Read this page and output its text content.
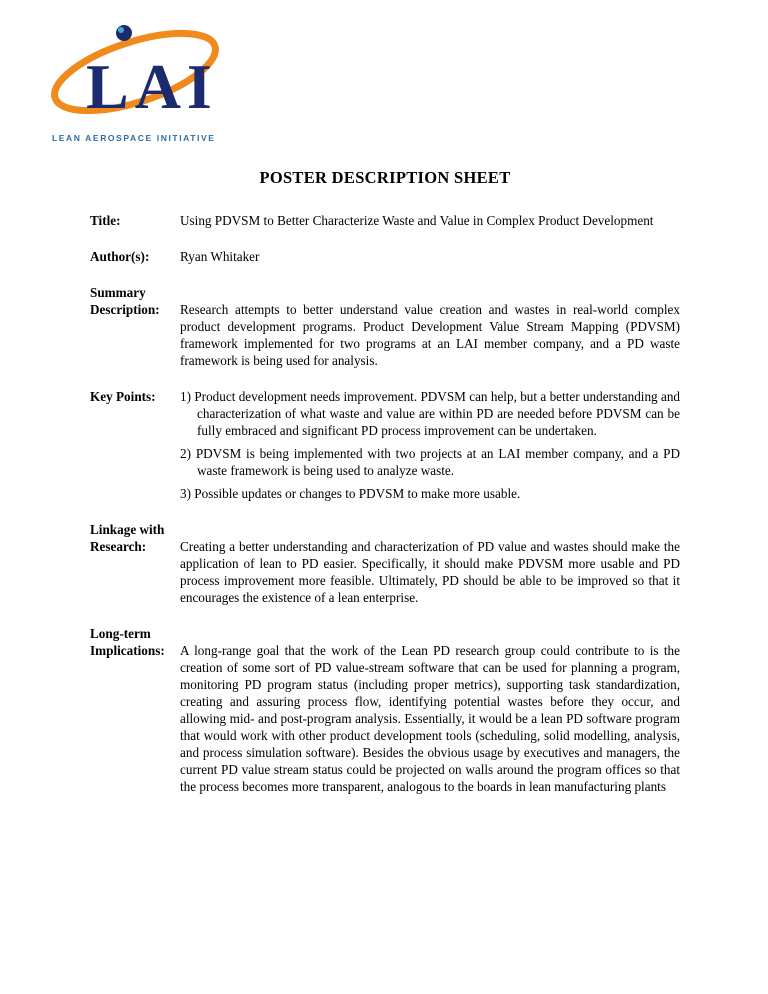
LAI
LEAN AEROSPACE INITIATIVE
POSTER DESCRIPTION SHEET
Title:	Using PDVSM to Better Characterize Waste and Value in Complex Product Development
Author(s):	Ryan Whitaker
Summary
Description:	Research attempts to better understand value creation and wastes in real-world complex product development programs. Product Development Value Stream Mapping (PDVSM) framework implemented for two programs at an LAI member company, and a PD waste framework is being used for analysis.
Key Points:	1) Product development needs improvement. PDVSM can help, but a better understanding and characterization of what waste and value are within PD are needed before PDVSM can be fully embraced and significant PD process improvement can be undertaken.
2) PDVSM is being implemented with two projects at an LAI member company, and a PD waste framework is being used to analyze waste.
3) Possible updates or changes to PDVSM to make more usable.
Linkage with
Research:	Creating a better understanding and characterization of PD value and wastes should make the application of lean to PD easier. Specifically, it should make PDVSM more usable and PD process improvement more feasible. Ultimately, PD should be able to be improved so that it encourages the existence of a lean enterprise.
Long-term
Implications:	A long-range goal that the work of the Lean PD research group could contribute to is the creation of some sort of PD value-stream software that can be used for planning a program, monitoring PD program status (including proper metrics), supporting task standardization, creating and assuring process flow, identifying potential wastes before they occur, and allowing mid- and post-program analysis. Essentially, it would be a lean PD software program that would work with other product development tools (scheduling, solid modelling, analysis, and process simulation software). Besides the obvious usage by executives and managers, the current PD value stream status could be projected on walls around the program offices so that the process becomes more transparent, analogous to the boards in lean manufacturing plants
